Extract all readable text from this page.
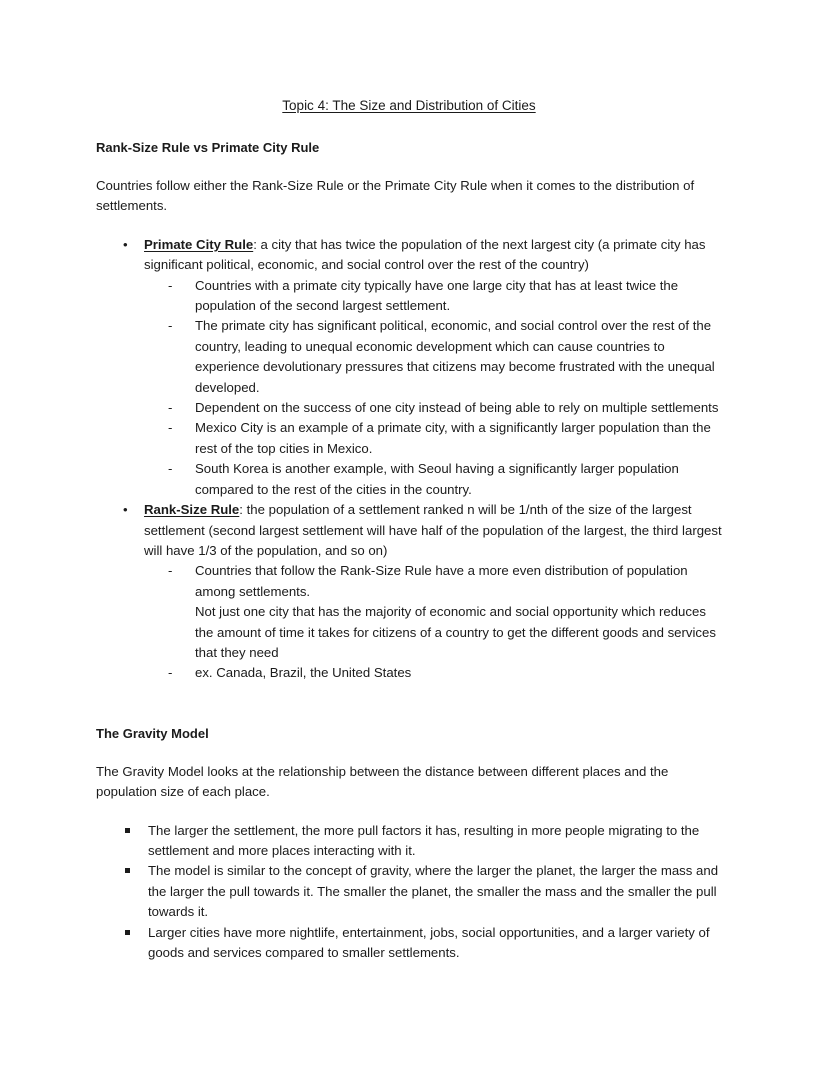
Topic 4: The Size and Distribution of Cities
Rank-Size Rule vs Primate City Rule

Countries follow either the Rank-Size Rule or the Primate City Rule when it comes to the distribution of settlements.

• Primate City Rule: a city that has twice the population of the next largest city (a primate city has significant political, economic, and social control over the rest of the country)
- Countries with a primate city typically have one large city that has at least twice the population of the second largest settlement.
- The primate city has significant political, economic, and social control over the rest of the country, leading to unequal economic development which can cause countries to experience devolutionary pressures that citizens may become frustrated with the unequal developed.
- Dependent on the success of one city instead of being able to rely on multiple settlements
- Mexico City is an example of a primate city, with a significantly larger population than the rest of the top cities in Mexico.
- South Korea is another example, with Seoul having a significantly larger population compared to the rest of the cities in the country.
• Rank-Size Rule: the population of a settlement ranked n will be 1/nth of the size of the largest settlement (second largest settlement will have half of the population of the largest, the third largest will have 1/3 of the population, and so on)
- Countries that follow the Rank-Size Rule have a more even distribution of population among settlements.
Not just one city that has the majority of economic and social opportunity which reduces the amount of time it takes for citizens of a country to get the different goods and services that they need
- ex. Canada, Brazil, the United States
The Gravity Model

The Gravity Model looks at the relationship between the distance between different places and the population size of each place.

The larger the settlement, the more pull factors it has, resulting in more people migrating to the settlement and more places interacting with it.
The model is similar to the concept of gravity, where the larger the planet, the larger the mass and the larger the pull towards it. The smaller the planet, the smaller the mass and the smaller the pull towards it.
Larger cities have more nightlife, entertainment, jobs, social opportunities, and a larger variety of goods and services compared to smaller settlements.
